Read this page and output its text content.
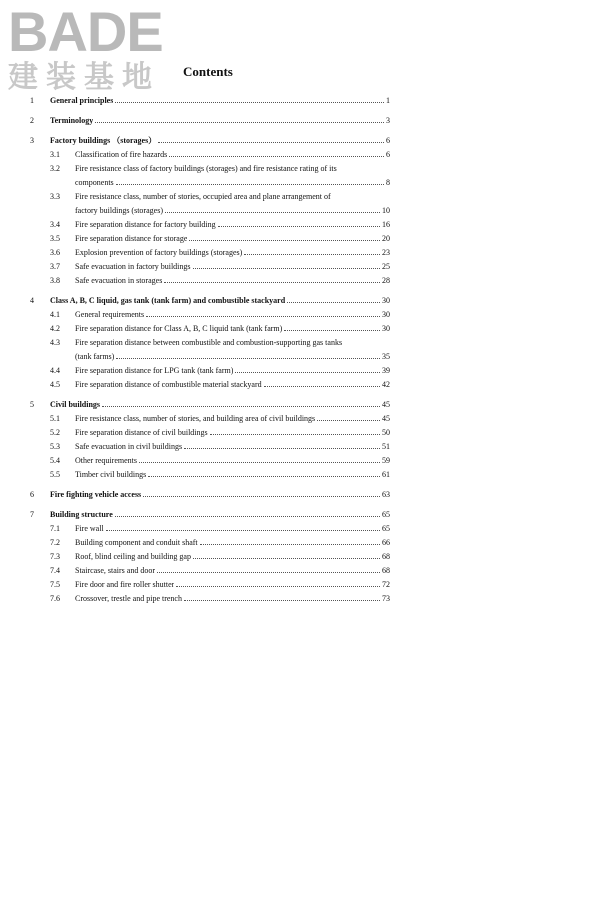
BADE
建装基地	Contents
1	General principles	1
2	Terminology	3
3	Factory buildings （storages）	6
3.1	Classification of fire hazards	6
3.2	Fire resistance class of factory buildings (storages) and fire resistance rating of its
components	8
3.3	Fire resistance class, number of stories, occupied area and plane arrangement of
factory buildings (storages)	10
3.4	Fire separation distance for factory building	16
3.5	Fire separation distance for storage	20
3.6	Explosion prevention of factory buildings (storages)	23
3.7	Safe evacuation in factory buildings	25
3.8	Safe evacuation in storages	28
4	Class A, B, C liquid, gas tank (tank farm) and combustible stackyard	30
4.1	General requirements	30
4.2	Fire separation distance for Class A, B, C liquid tank (tank farm)	30
4.3	Fire separation distance between combustible and combustion-supporting gas tanks
(tank farms)	35
4.4	Fire separation distance for LPG tank (tank farm)	39
4.5	Fire separation distance of combustible material stackyard	42
5	Civil buildings	45
5.1	Fire resistance class, number of stories, and building area of civil buildings	45
5.2	Fire separation distance of civil buildings	50
5.3	Safe evacuation in civil buildings	51
5.4	Other requirements	59
5.5	Timber civil buildings	61
6	Fire fighting vehicle access	63
7	Building structure	65
7.1	Fire wall	65
7.2	Building component and conduit shaft	66
7.3	Roof, blind ceiling and building gap	68
7.4	Staircase, stairs and door	68
7.5	Fire door and fire roller shutter	72
7.6	Crossover, trestle and pipe trench	73
